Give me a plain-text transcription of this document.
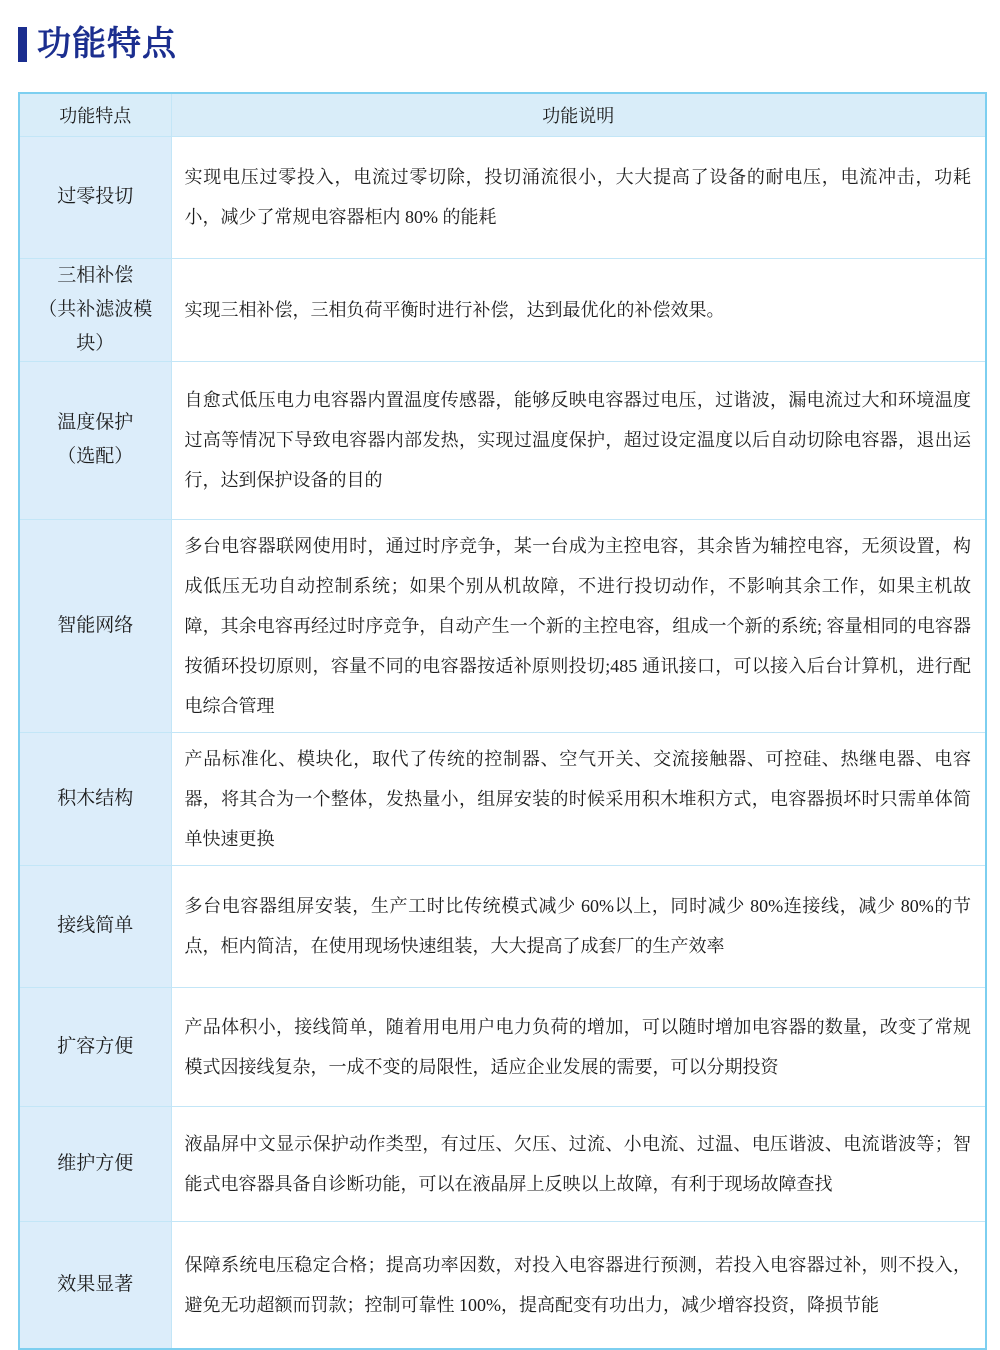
功能特点
功能特点	功能说明

过零投切	实现电压过零投入，电流过零切除，投切涌流很小，大大提高了设备的耐电压，电流冲击，功耗小，减少了常规电容器柜内 80% 的能耗

三相补偿
（共补滤波模块）	实现三相补偿，三相负荷平衡时进行补偿，达到最优化的补偿效果。

温度保护
（选配）	自愈式低压电力电容器内置温度传感器，能够反映电容器过电压，过谐波，漏电流过大和环境温度过高等情况下导致电容器内部发热，实现过温度保护，超过设定温度以后自动切除电容器，退出运行，达到保护设备的目的

智能网络	多台电容器联网使用时，通过时序竞争，某一台成为主控电容，其余皆为辅控电容，无须设置，构成低压无功自动控制系统；如果个别从机故障，不进行投切动作，不影响其余工作，如果主机故障，其余电容再经过时序竞争，自动产生一个新的主控电容，组成一个新的系统; 容量相同的电容器按循环投切原则，容量不同的电容器按适补原则投切;485 通讯接口，可以接入后台计算机，进行配电综合管理

积木结构	产品标准化、模块化，取代了传统的控制器、空气开关、交流接触器、可控硅、热继电器、电容器，将其合为一个整体，发热量小，组屏安装的时候采用积木堆积方式，电容器损坏时只需单体简单快速更换

接线简单	多台电容器组屏安装，生产工时比传统模式减少 60%以上，同时减少 80%连接线，减少 80%的节点，柜内简洁，在使用现场快速组装，大大提高了成套厂的生产效率

扩容方便	产品体积小，接线简单，随着用电用户电力负荷的增加，可以随时增加电容器的数量，改变了常规模式因接线复杂，一成不变的局限性，适应企业发展的需要，可以分期投资

维护方便	液晶屏中文显示保护动作类型，有过压、欠压、过流、小电流、过温、电压谐波、电流谐波等；智能式电容器具备自诊断功能，可以在液晶屏上反映以上故障，有利于现场故障查找

效果显著	保障系统电压稳定合格；提高功率因数，对投入电容器进行预测，若投入电容器过补，则不投入，避免无功超额而罚款；控制可靠性 100%，提高配变有功出力，减少增容投资，降损节能
